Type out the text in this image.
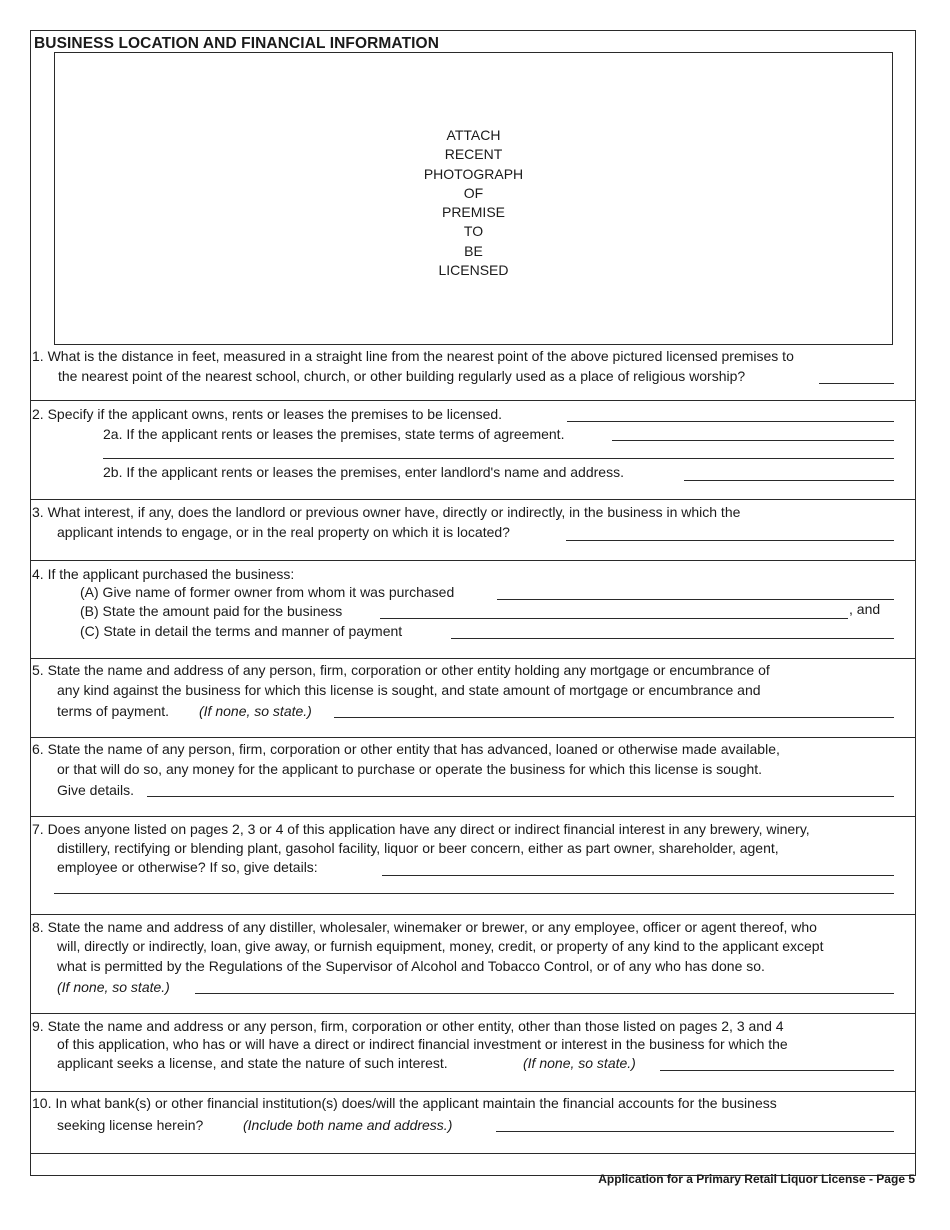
BUSINESS LOCATION AND FINANCIAL INFORMATION
ATTACH
RECENT
PHOTOGRAPH
OF
PREMISE
TO
BE
LICENSED
1. What is the distance in feet, measured in a straight line from the nearest point of the above pictured licensed premises to
the nearest point of the nearest school, church, or other building regularly used as a place of religious worship?
2. Specify if the applicant owns, rents or leases the premises to be licensed.
2a. If the applicant rents or leases the premises, state terms of agreement.
2b. If the applicant rents or leases the premises, enter landlord's name and address.
3. What interest, if any, does the landlord or previous owner have, directly or indirectly, in the business in which the
applicant intends to engage, or in the real property on which it is located?
4. If the applicant purchased the business:
(A) Give name of former owner from whom it was purchased
(B) State the amount paid for the business	, and
(C) State in detail the terms and manner of payment
5. State the name and address of any person, firm, corporation or other entity holding any mortgage or encumbrance of
any kind against the business for which this license is sought, and state amount of mortgage or encumbrance and
terms of payment. (If none, so state.)
6. State the name of any person, firm, corporation or other entity that has advanced, loaned or otherwise made available,
or that will do so, any money for the applicant to purchase or operate the business for which this license is sought.
Give details.
7. Does anyone listed on pages 2, 3 or 4 of this application have any direct or indirect financial interest in any brewery, winery,
distillery, rectifying or blending plant, gasohol facility, liquor or beer concern, either as part owner, shareholder, agent,
employee or otherwise? If so, give details:
8. State the name and address of any distiller, wholesaler, winemaker or brewer, or any employee, officer or agent thereof, who
will, directly or indirectly, loan, give away, or furnish equipment, money, credit, or property of any kind to the applicant except
what is permitted by the Regulations of the Supervisor of Alcohol and Tobacco Control, or of any who has done so.
(If none, so state.)
9. State the name and address or any person, firm, corporation or other entity, other than those listed on pages 2, 3 and 4
of this application, who has or will have a direct or indirect financial investment or interest in the business for which the
applicant seeks a license, and state the nature of such interest.	(If none, so state.)
10. In what bank(s) or other financial institution(s) does/will the applicant maintain the financial accounts for the business
seeking license herein?	(Include both name and address.)
Application for a Primary Retail Liquor License - Page 5
